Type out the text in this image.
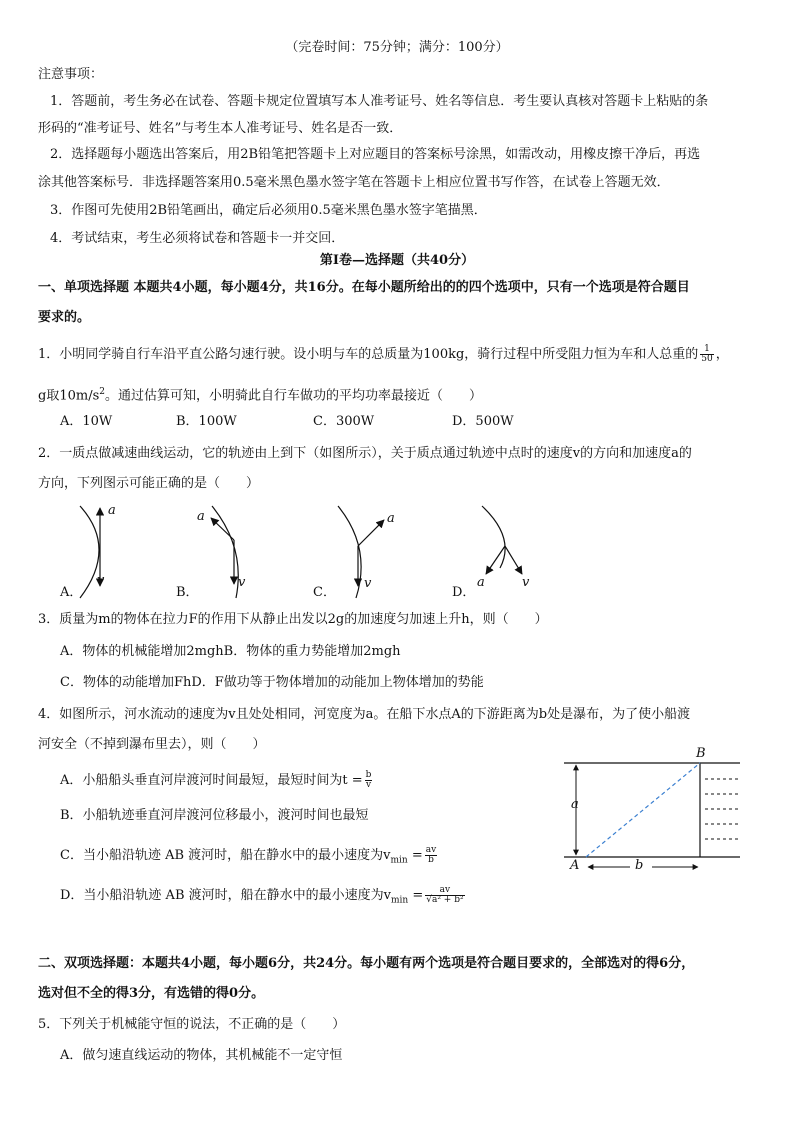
（完卷时间：75分钟；满分：100分）
注意事项：
1．答题前，考生务必在试卷、答题卡规定位置填写本人准考证号、姓名等信息．考生要认真核对答题卡上粘贴的条
形码的“准考证号、姓名”与考生本人准考证号、姓名是否一致．
2．选择题每小题选出答案后，用2B铅笔把答题卡上对应题目的答案标号涂黑，如需改动，用橡皮擦干净后，再选
涂其他答案标号．非选择题答案用0.5毫米黑色墨水签字笔在答题卡上相应位置书写作答，在试卷上答题无效．
3．作图可先使用2B铅笔画出，确定后必须用0.5毫米黑色墨水签字笔描黑．
4．考试结束，考生必须将试卷和答题卡一并交回．
第Ⅰ卷—选择题（共40分）
一、单项选择题 本题共4小题，每小题4分，共16分。在每小题所给出的的四个选项中，只有一个选项是符合题目
要求的。
1．小明同学骑自行车沿平直公路匀速行驶。设小明与车的总质量为100kg，骑行过程中所受阻力恒为车和人总重的 $\frac{1}{50}$ ，
g取$10m/s^2$。通过估算可知，小明骑此自行车做功的平均功率最接近（　　）
A．10W	B．100W	C．300W	D．500W
2．一质点做减速曲线运动，它的轨迹由上到下（如图所示），关于质点通过轨迹中点时的速度v的方向和加速度a的
方向，下列图示可能正确的是（　　）
a
v
a
v
a
v	a	v
A．	B．	C．	D．
3．质量为m的物体在拉力F的作用下从静止出发以2g的加速度匀加速上升h，则（　　）
A．物体的机械能增加2mghB．物体的重力势能增加2mgh
C．物体的动能增加FhD．F做功等于物体增加的动能加上物体增加的势能
4．如图所示，河水流动的速度为v且处处相同，河宽度为a。在船下水点A的下游距离为b处是瀑布，为了使小船渡
河安全（不掉到瀑布里去），则（　　）
A．小船船头垂直河岸渡河时间最短，最短时间为$t = \frac{b}{v}$
B．小船轨迹垂直河岸渡河位移最小，渡河时间也最短
C．当小船沿轨迹 AB 渡河时，船在静水中的最小速度为$v_{min} = \frac{av}{b}$
D．当小船沿轨迹 AB 渡河时，船在静水中的最小速度为$v_{min} = \frac{av}{\text{√a² + b²}}$
B
A
a
b
二、双项选择题：本题共4小题，每小题6分，共24分。每小题有两个选项是符合题目要求的，全部选对的得6分，
选对但不全的得3分，有选错的得0分。
5．下列关于机械能守恒的说法，不正确的是（　　）
A．做匀速直线运动的物体，其机械能不一定守恒
